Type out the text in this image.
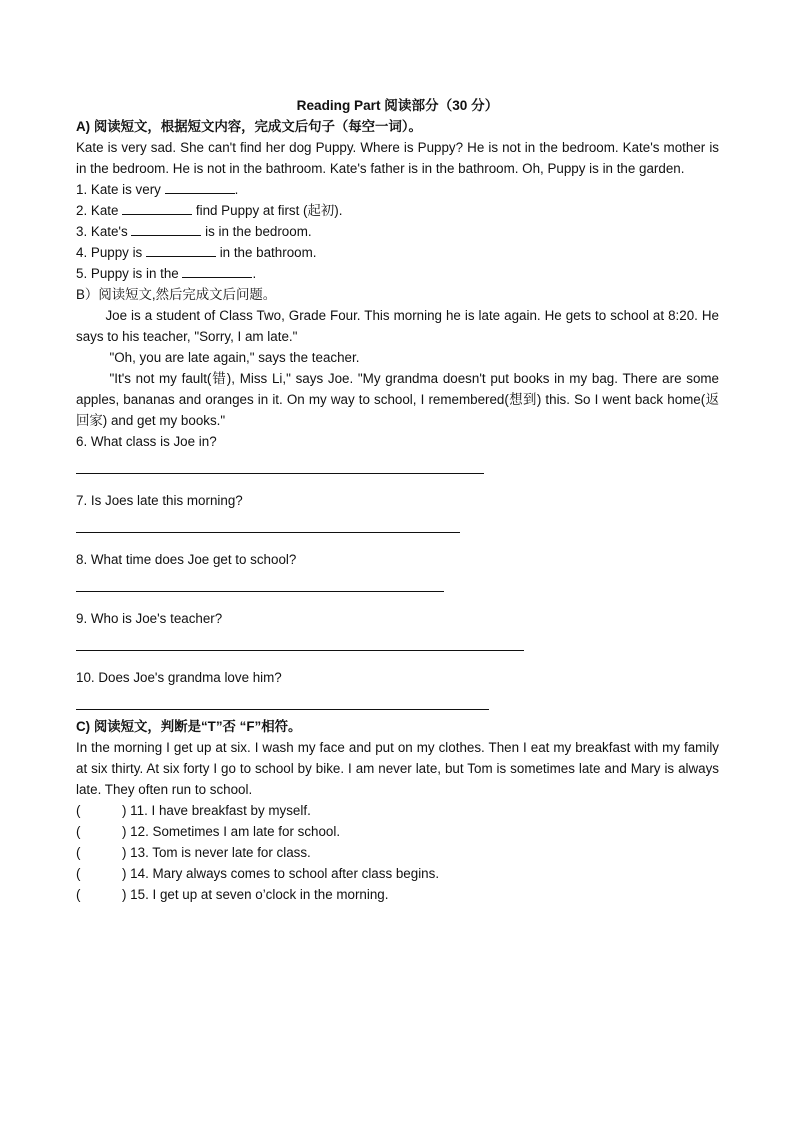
Reading Part 阅读部分（30 分）

A) 阅读短文，根据短文内容，完成文后句子（每空一词）。

Kate is very sad. She can't find her dog Puppy. Where is Puppy? He is not in the bedroom. Kate's mother is in the bedroom. He is not in the bathroom. Kate's father is in the bathroom. Oh, Puppy is in the garden.

1. Kate is very	.

2. Kate	find Puppy at first (起初).

3. Kate's	is in the bedroom.

4. Puppy is	in the bathroom.

5. Puppy is in the	.

B）阅读短文,然后完成文后问题。

Joe is a student of Class Two, Grade Four. This morning he is late again. He gets to school at 8:20. He says to his teacher, "Sorry, I am late."

"Oh, you are late again," says the teacher.

"It's not my fault(错), Miss Li," says Joe. "My grandma doesn't put books in my bag. There are some apples, bananas and oranges in it. On my way to school, I remembered(想到) this. So I went back home(返回家) and get my books."

6. What class is Joe in?

7. Is Joes late this morning?

8. What time does Joe get to school?

9. Who is Joe's teacher?

10. Does Joe's grandma love him?

C) 阅读短文，判断是“T”否 “F”相符。

In the morning I get up at six. I wash my face and put on my clothes. Then I eat my breakfast with my family at six thirty. At six forty I go to school by bike. I am never late, but Tom is sometimes late and Mary is always late. They often run to school.

(	) 11. I have breakfast by myself.

(	) 12. Sometimes I am late for school.

(	) 13. Tom is never late for class.

(	) 14. Mary always comes to school after class begins.

(	) 15. I get up at seven o’clock in the morning.
